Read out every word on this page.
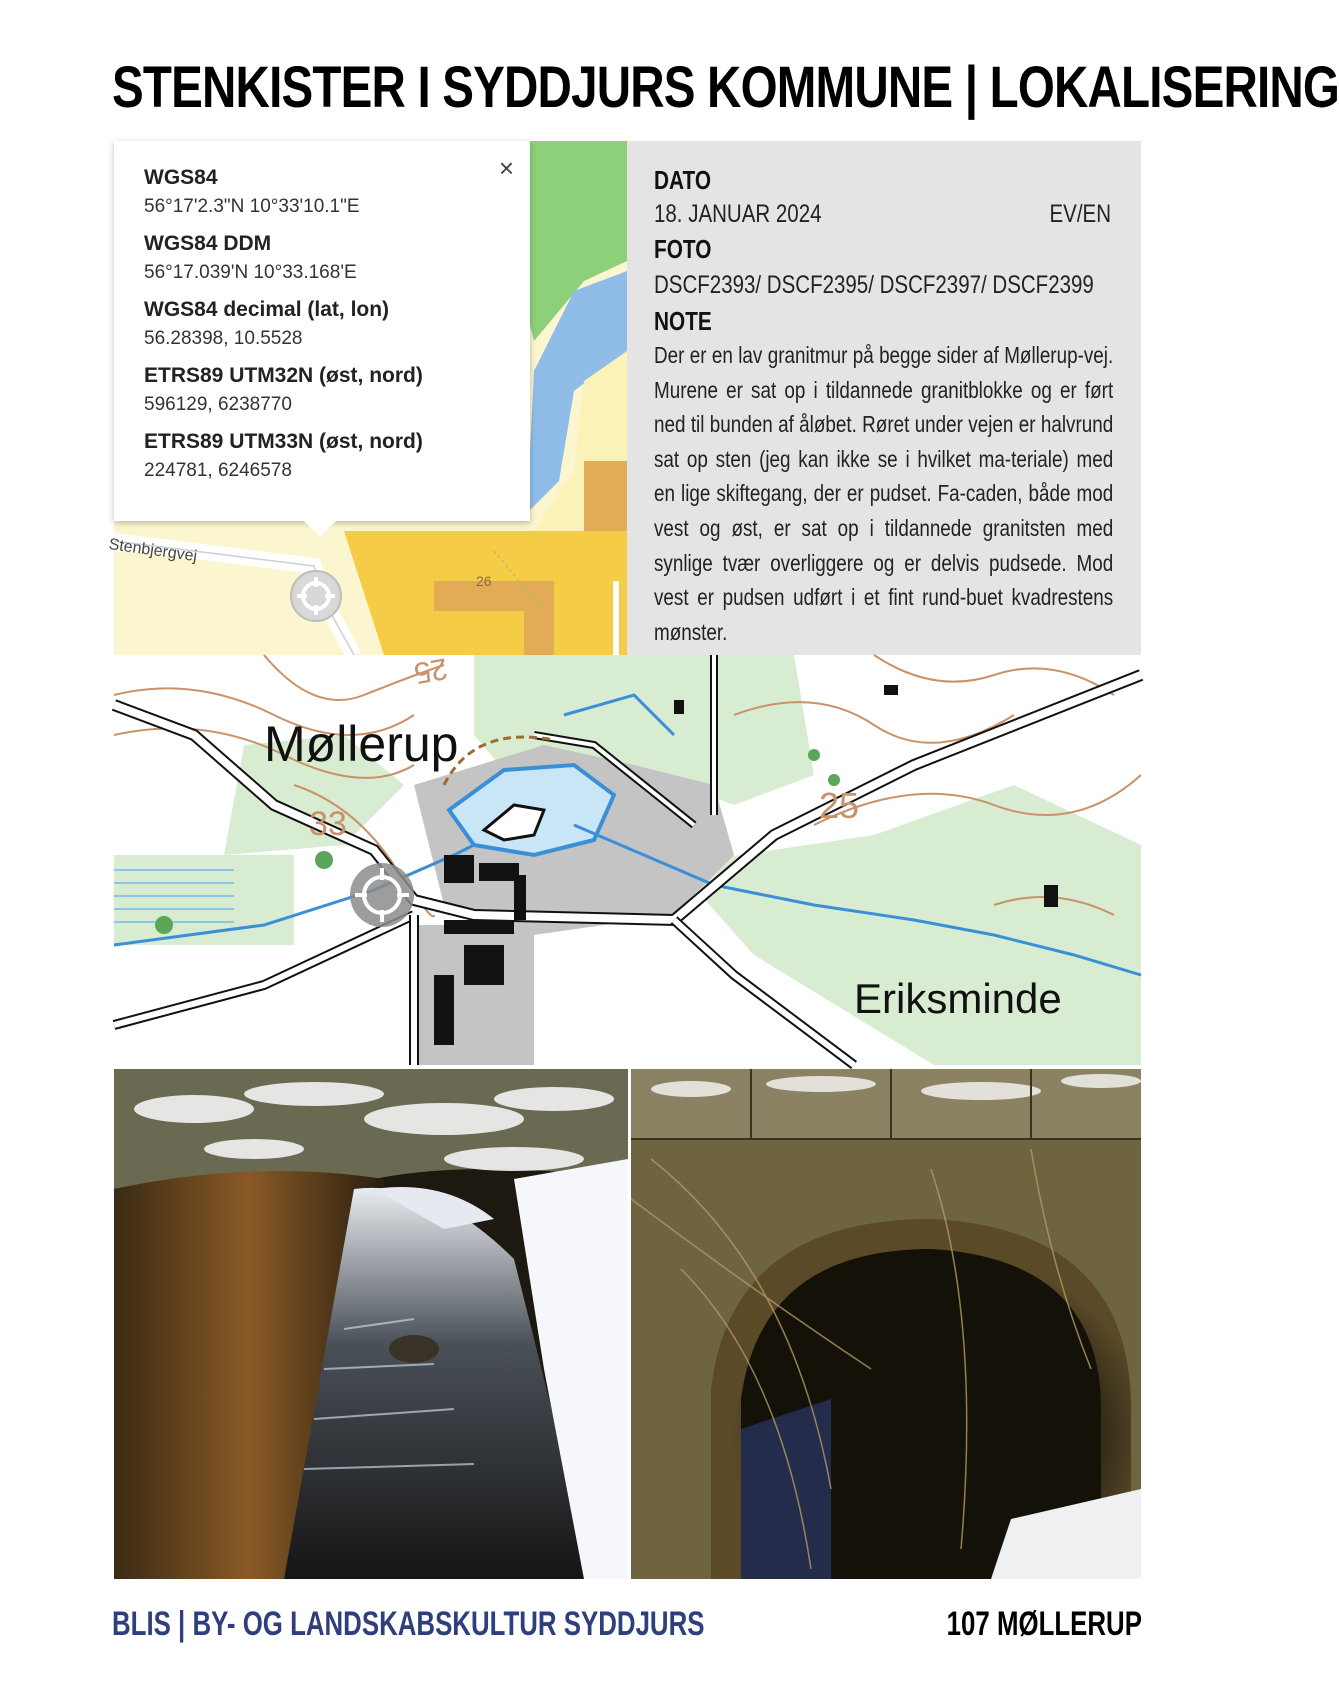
STENKISTER I SYDDJURS KOMMUNE | LOKALISERING
Stenbjergvej
26
×

WGS84

56°17'2.3"N 10°33'10.1"E

WGS84 DDM

56°17.039'N 10°33.168'E

WGS84 decimal (lat, lon)

56.28398, 10.5528

ETRS89 UTM32N (øst, nord)

596129, 6238770

ETRS89 UTM33N (øst, nord)

224781, 6246578

DATO
18. JANUAR 2024	EV/EN
FOTO
DSCF2393/ DSCF2395/ DSCF2397/ DSCF2399
NOTE
Der er en lav granitmur på begge sider af Møllerup-vej. Murene er sat op i tildannede granitblokke og er ført ned til bunden af åløbet. Røret under vejen er halvrund sat op sten (jeg kan ikke se i hvilket ma-teriale) med en lige skiftegang, der er pudset. Fa-caden, både mod vest og øst, er sat op i tildannede granitsten med synlige tvær overliggere og er delvis pudsede. Mod vest er pudsen udført i et fint rund-buet kvadrestens mønster.
Møllerup
Eriksminde
33	25
25
BLIS | BY- OG LANDSKABSKULTUR SYDDJURS	107 MØLLERUP
